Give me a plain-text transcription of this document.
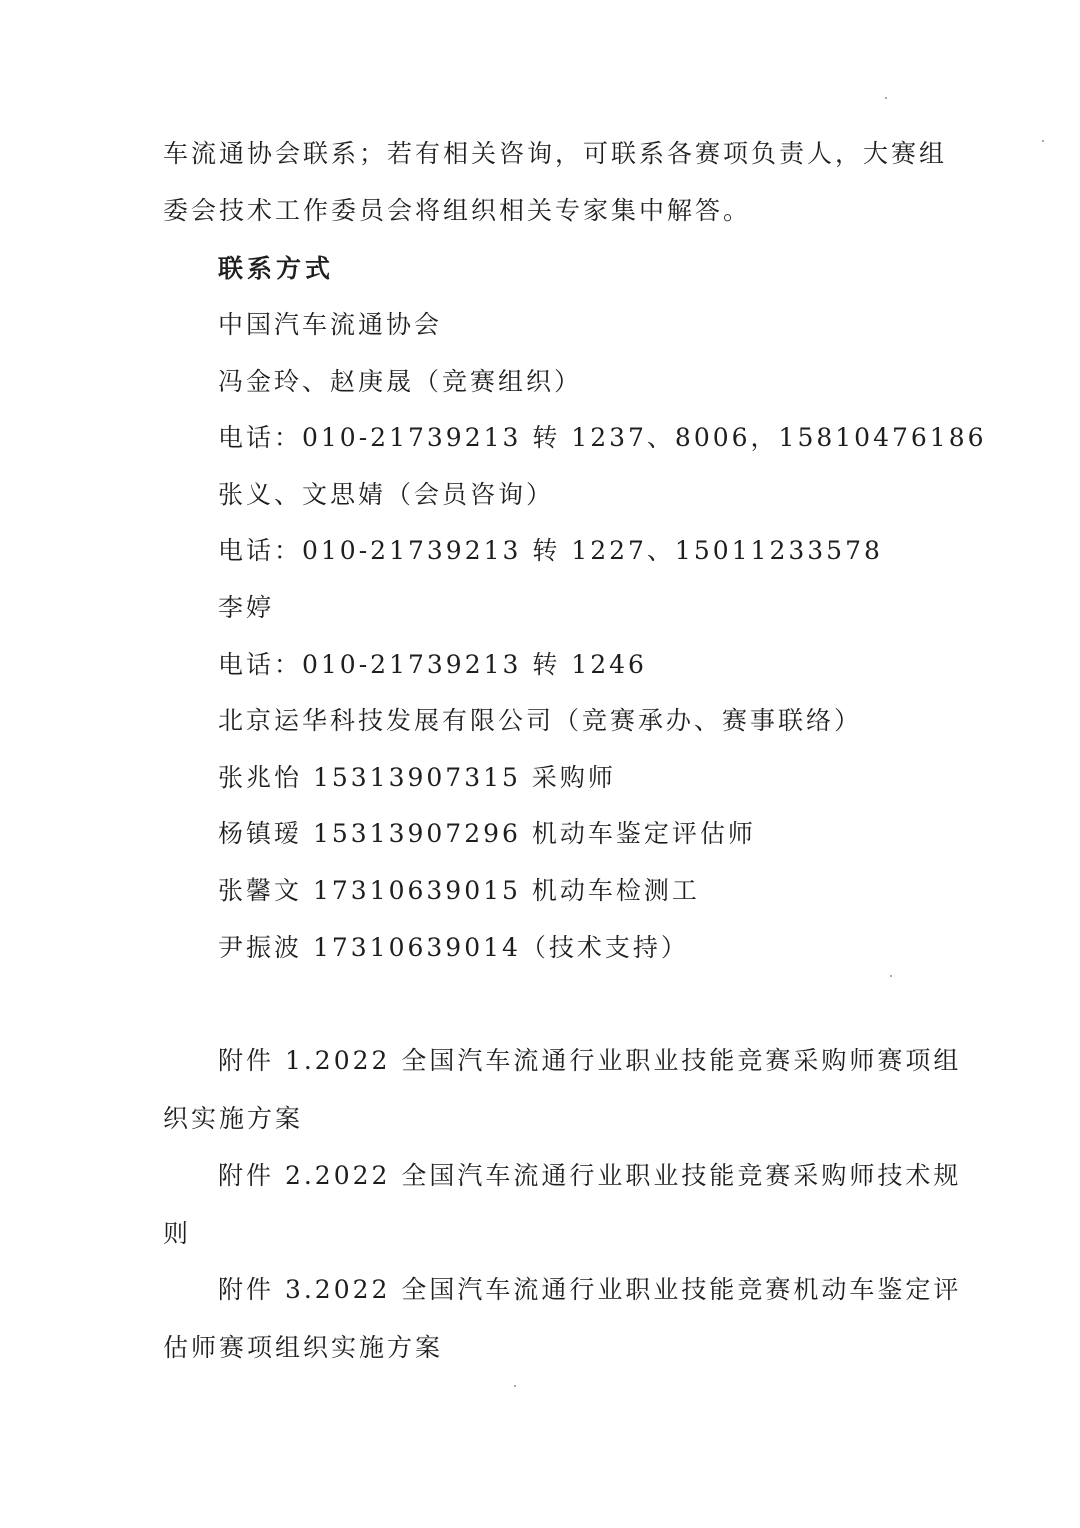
车流通协会联系；若有相关咨询，可联系各赛项负责人，大赛组
委会技术工作委员会将组织相关专家集中解答。
联系方式
中国汽车流通协会
冯金玲、赵庚晟（竞赛组织）
电话：010-21739213 转 1237、8006，15810476186
张义、文思婧（会员咨询）
电话：010-21739213 转 1227、15011233578
李婷
电话：010-21739213 转 1246
北京运华科技发展有限公司（竞赛承办、赛事联络）
张兆怡 15313907315 采购师
杨镇瑷 15313907296 机动车鉴定评估师
张馨文 17310639015 机动车检测工
尹振波 17310639014（技术支持）
附件 1.2022 全国汽车流通行业职业技能竞赛采购师赛项组
织实施方案
附件 2.2022 全国汽车流通行业职业技能竞赛采购师技术规
则
附件 3.2022 全国汽车流通行业职业技能竞赛机动车鉴定评
估师赛项组织实施方案
